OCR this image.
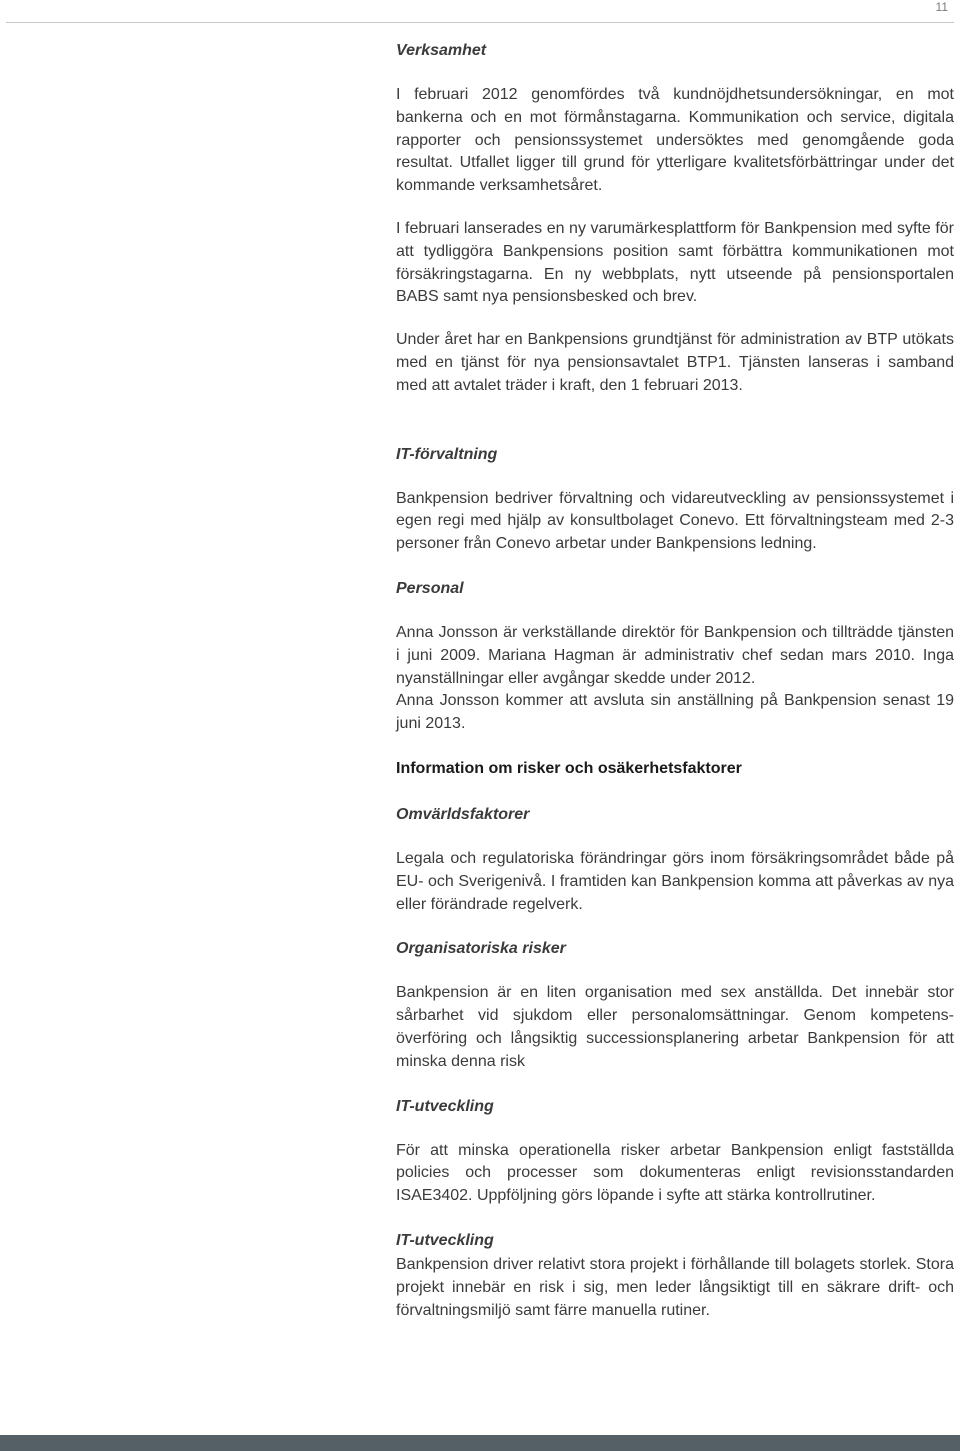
11
Verksamhet

I februari 2012 genomfördes två kundnöjdhetsundersökningar, en mot bankerna och en mot förmånstagarna. Kommunikation och service, digitala rapporter och pensionssystemet undersöktes med genomgående goda resultat. Utfallet ligger till grund för ytterligare kvalitetsförbättringar under det kommande verksamhetsåret.

I februari lanserades en ny varumärkesplattform för Bankpension med syfte för att tydliggöra Bankpensions position samt förbättra kommunikationen mot försäkringstagarna. En ny webbplats, nytt utseende på pensionsportalen BABS samt nya pensionsbesked och brev.

Under året har en Bankpensions grundtjänst för administration av BTP utökats med en tjänst för nya pensionsavtalet BTP1. Tjänsten lanseras i samband med att avtalet träder i kraft, den 1 februari 2013.

IT-förvaltning

Bankpension bedriver förvaltning och vidareutveckling av pensionssystemet i egen regi med hjälp av konsultbolaget Conevo. Ett förvaltningsteam med 2-3 personer från Conevo arbetar under Bankpensions ledning.

Personal

Anna Jonsson är verkställande direktör för Bankpension och tillträdde tjänsten i juni 2009. Mariana Hagman är administrativ chef sedan mars 2010. Inga nyanställningar eller avgångar skedde under 2012.

Anna Jonsson kommer att avsluta sin anställning på Bankpension senast 19 juni 2013.

Information om risker och osäkerhetsfaktorer
Omvärldsfaktorer

Legala och regulatoriska förändringar görs inom försäkringsområdet både på EU- och Sverigenivå. I framtiden kan Bankpension komma att påverkas av nya eller förändrade regelverk.

Organisatoriska risker

Bankpension är en liten organisation med sex anställda. Det innebär stor sårbarhet vid sjukdom eller personalomsättningar. Genom kompetensöverföring och långsiktig successionsplanering arbetar Bankpension för att minska denna risk

IT-utveckling

För att minska operationella risker arbetar Bankpension enligt fastställda policies och processer som dokumenteras enligt revisionsstandarden ISAE3402. Uppföljning görs löpande i syfte att stärka kontrollrutiner.

IT-utveckling

Bankpension driver relativt stora projekt i förhållande till bolagets storlek. Stora projekt innebär en risk i sig, men leder långsiktigt till en säkrare drift- och förvaltningsmiljö samt färre manuella rutiner.
